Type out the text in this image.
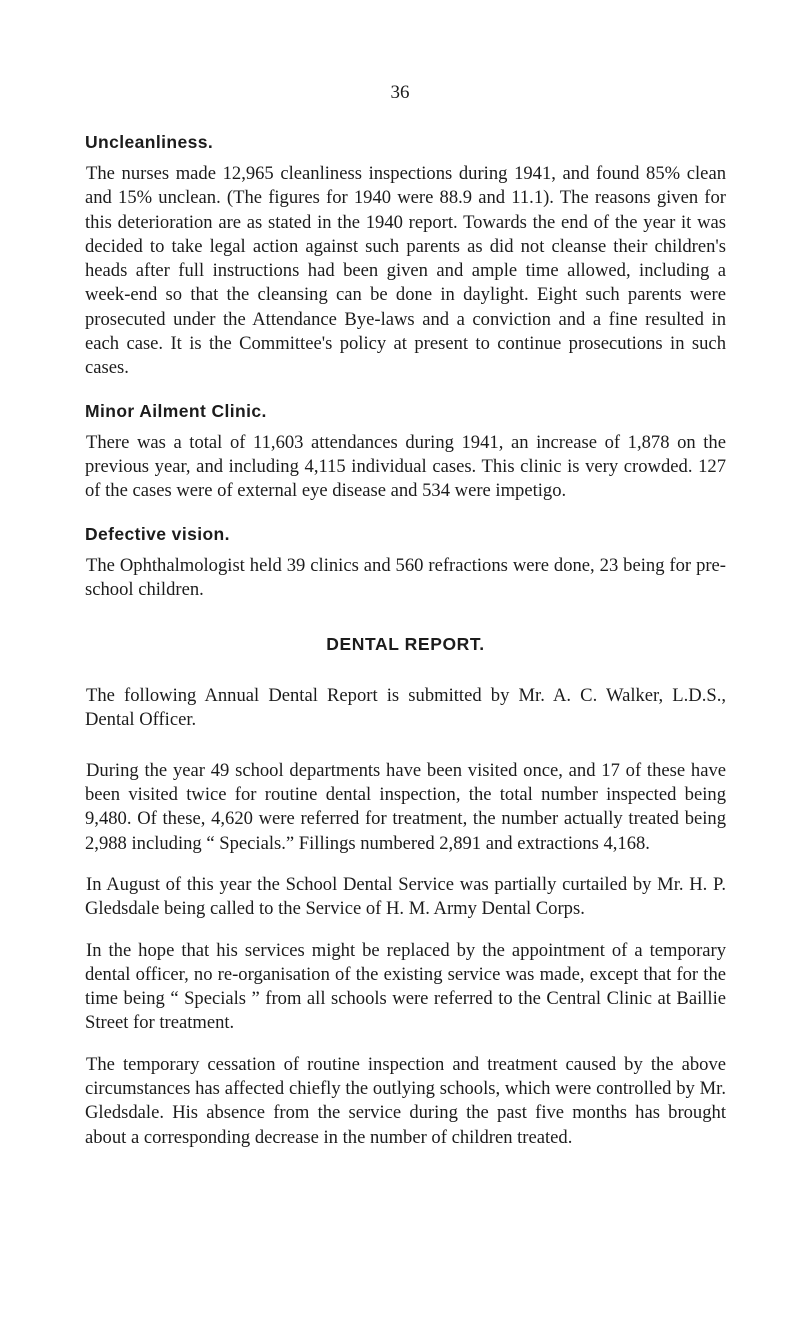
36
Uncleanliness.

The nurses made 12,965 cleanliness inspections during 1941, and found 85% clean and 15% unclean. (The figures for 1940 were 88.9 and 11.1). The reasons given for this deterioration are as stated in the 1940 report. Towards the end of the year it was decided to take legal action against such parents as did not cleanse their children's heads after full instructions had been given and ample time allowed, including a week-end so that the cleansing can be done in daylight. Eight such parents were prosecuted under the Attendance Bye-laws and a conviction and a fine resulted in each case. It is the Committee's policy at present to continue prosecutions in such cases.

Minor Ailment Clinic.

There was a total of 11,603 attendances during 1941, an increase of 1,878 on the previous year, and including 4,115 individual cases. This clinic is very crowded. 127 of the cases were of external eye disease and 534 were impetigo.

Defective vision.

The Ophthalmologist held 39 clinics and 560 refractions were done, 23 being for pre-school children.

DENTAL REPORT.

The following Annual Dental Report is submitted by Mr. A. C. Walker, L.D.S., Dental Officer.

During the year 49 school departments have been visited once, and 17 of these have been visited twice for routine dental inspection, the total number inspected being 9,480. Of these, 4,620 were referred for treatment, the number actually treated being 2,988 including “ Specials.” Fillings numbered 2,891 and extractions 4,168.

In August of this year the School Dental Service was partially curtailed by Mr. H. P. Gledsdale being called to the Service of H. M. Army Dental Corps.

In the hope that his services might be replaced by the appointment of a temporary dental officer, no re-organisation of the existing service was made, except that for the time being “ Specials ” from all schools were referred to the Central Clinic at Baillie Street for treatment.

The temporary cessation of routine inspection and treatment caused by the above circumstances has affected chiefly the outlying schools, which were controlled by Mr. Gledsdale. His absence from the service during the past five months has brought about a corresponding decrease in the number of children treated.
